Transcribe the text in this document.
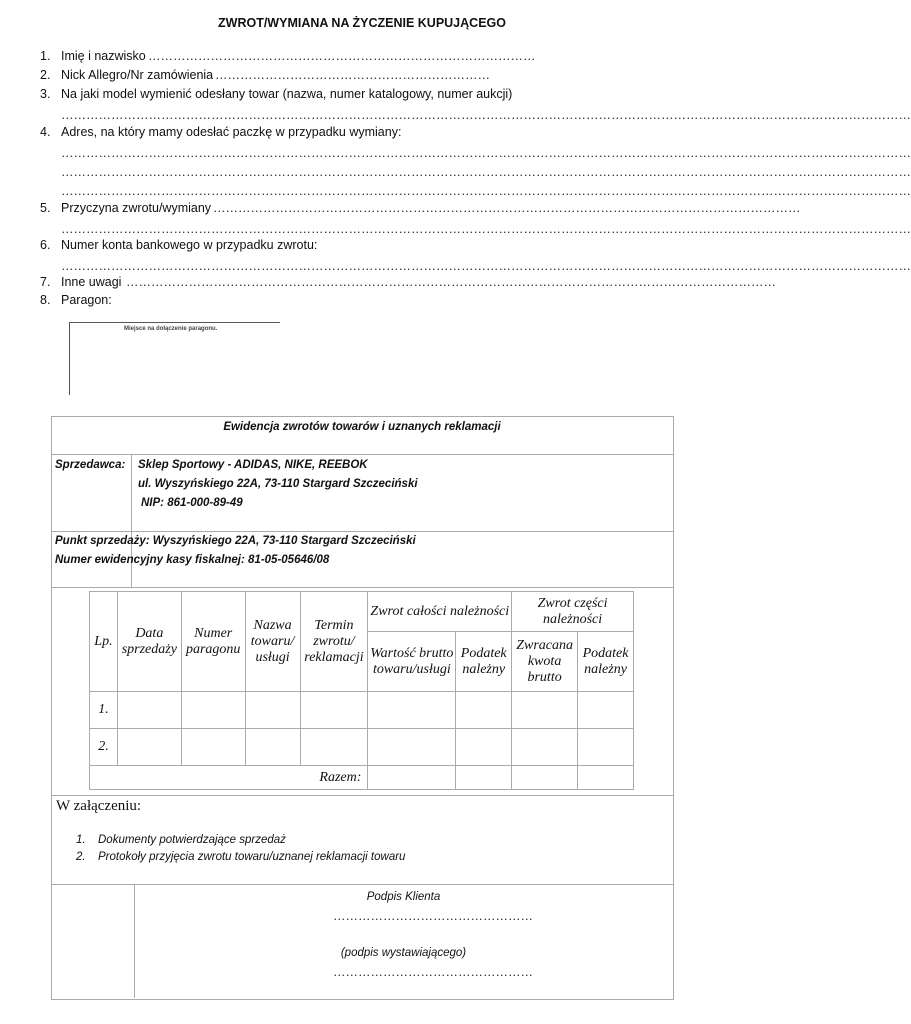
ZWROT/WYMIANA NA ŻYCZENIE KUPUJĄCEGO
1. Imię i nazwisko …………………………………………………………………………………
2. Nick Allegro/Nr zamówienia …………………………………………………………
3. Na jaki model wymienić odesłany towar (nazwa, numer katalogowy, numer aukcji)
……………………………………………………………………………………………………………………………………………………………………………………
4. Adres, na który mamy odesłać paczkę w przypadku wymiany:
……………………………………………………………………………………………………………………………………………………………………………………
……………………………………………………………………………………………………………………………………………………………………………………
……………………………………………………………………………………………………………………………………………………………………………………
5. Przyczyna zwrotu/wymiany ……………………………………………………………………………………………………………………………
……………………………………………………………………………………………………………………………………………………………………………………
6. Numer konta bankowego w przypadku zwrotu:
……………………………………………………………………………………………………………………………………………………………………………………
7. Inne uwagi …………………………………………………………………………………………………………………………………………
8. Paragon:
Miejsce na dołączenie paragonu.
Ewidencja zwrotów towarów i uznanych reklamacji
Sprzedawca: Sklep Sportowy - ADIDAS, NIKE, REEBOK
ul. Wyszyńskiego 22A, 73-110 Stargard Szczeciński
NIP: 861-000-89-49
Punkt sprzedaży: Wyszyńskiego 22A, 73-110 Stargard Szczeciński
Numer ewidencyjny kasy fiskalnej: 81-05-05646/08
Lp.	Data sprzedaży	Numer paragonu	Nazwa towaru/ usługi	Termin zwrotu/ reklamacji	Zwrot całości należności		Zwrot części należności	
					Wartość brutto towaru/usługi	Podatek należny	Zwracana kwota brutto	Podatek należny
1.								
2.								
Razem:								
W załączeniu:
1. Dokumenty potwierdzające sprzedaż
2. Protokoły przyjęcia zwrotu towaru/uznanej reklamacji towaru
Podpis Klienta
…………………………………………
(podpis wystawiającego)
…………………………………………
